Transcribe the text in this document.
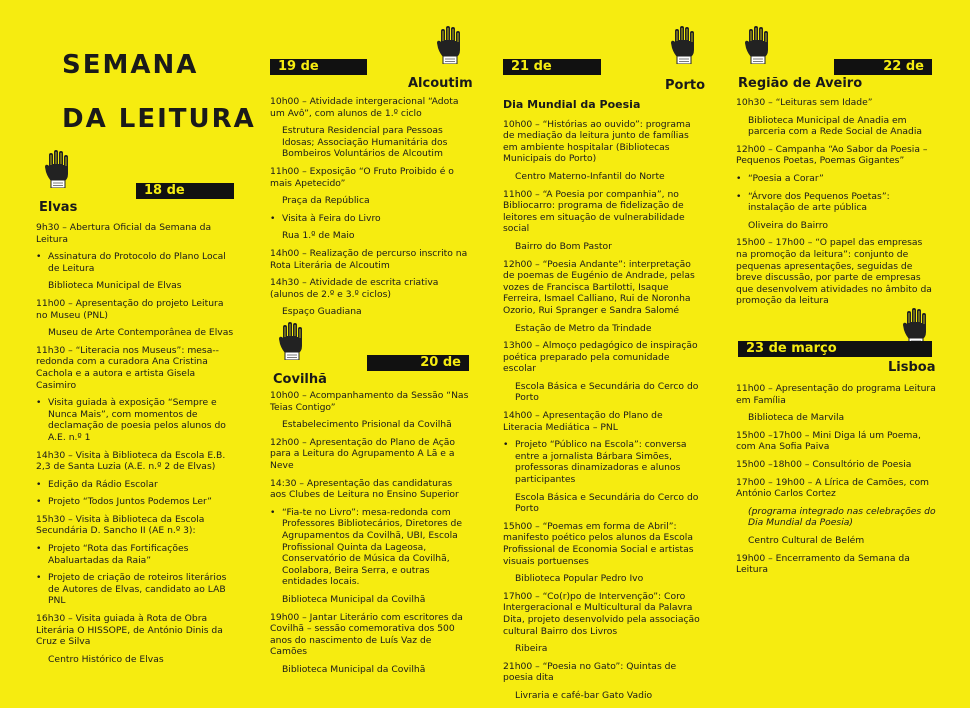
SEMANA
DA LEITURA
18 de março
Elvas
9h30 – Abertura Oficial da Semana da Leitura
• Assinatura do Protocolo do Plano Local de Leitura
Biblioteca Municipal de Elvas
11h00 – Apresentação do projeto Leitura no Museu (PNL)
Museu de Arte Contemporânea de Elvas
11h30 – “Literacia nos Museus”: mesa--redonda com a curadora Ana Cristina Cachola e a autora e artista Gisela Casimiro
• Visita guiada à exposição “Sempre e Nunca Mais”, com momentos de declamação de poesia pelos alunos do A.E. n.º 1
14h30 – Visita à Biblioteca da Escola E.B. 2,3 de Santa Luzia (A.E. n.º 2 de Elvas)
• Edição da Rádio Escolar
• Projeto “Todos Juntos Podemos Ler”
15h30 – Visita à Biblioteca da Escola Secundária D. Sancho II (AE n.º 3):
• Projeto “Rota das Fortificações Abaluartadas da Raia”
• Projeto de criação de roteiros literários de Autores de Elvas, candidato ao LAB PNL
16h30 – Visita guiada à Rota de Obra Literária O HISSOPE, de António Dinis da Cruz e Silva
Centro Histórico de Elvas
19 de março	Alcoutim
10h00 – Atividade intergeracional “Adota um Avô”, com alunos de 1.º ciclo
Estrutura Residencial para Pessoas Idosas; Associação Humanitária dos Bombeiros Voluntários de Alcoutim
11h00 – Exposição “O Fruto Proibido é o mais Apetecido”
Praça da República
• Visita à Feira do Livro
Rua 1.º de Maio
14h00 – Realização de percurso inscrito na Rota Literária de Alcoutim
14h30 – Atividade de escrita criativa (alunos de 2.º e 3.º ciclos)
Espaço Guadiana
20 de março
Covilhã
10h00 – Acompanhamento da Sessão “Nas Teias Contigo”
Estabelecimento Prisional da Covilhã
12h00 – Apresentação do Plano de Ação para a Leitura do Agrupamento A Lã e a Neve
14:30 – Apresentação das candidaturas aos Clubes de Leitura no Ensino Superior
• “Fia-te no Livro”: mesa-redonda com Professores Bibliotecários, Diretores de Agrupamentos da Covilhã, UBI, Escola Profissional Quinta da Lageosa, Conservatório de Música da Covilhã, Coolabora, Beira Serra, e outras entidades locais.
Biblioteca Municipal da Covilhã
19h00 – Jantar Literário com escritores da Covilhã – sessão comemorativa dos 500 anos do nascimento de Luís Vaz de Camões
Biblioteca Municipal da Covilhã
21 de março	Porto
Dia Mundial da Poesia
10h00 – “Histórias ao ouvido”: programa de mediação da leitura junto de famílias em ambiente hospitalar (Bibliotecas Municipais do Porto)
Centro Materno-Infantil do Norte
11h00 – “A Poesia por companhia”, no Bibliocarro: programa de fidelização de leitores em situação de vulnerabilidade social
Bairro do Bom Pastor
12h00 – “Poesia Andante”: interpretação de poemas de Eugénio de Andrade, pelas vozes de Francisca Bartilotti, Isaque Ferreira, Ismael Calliano, Rui de Noronha Ozorio, Rui Spranger e Sandra Salomé
Estação de Metro da Trindade
13h00 – Almoço pedagógico de inspiração poética preparado pela comunidade escolar
Escola Básica e Secundária do Cerco do Porto
14h00 – Apresentação do Plano de Literacia Mediática – PNL
• Projeto “Público na Escola”: conversa entre a jornalista Bárbara Simões, professoras dinamizadoras e alunos participantes
Escola Básica e Secundária do Cerco do Porto
15h00 – “Poemas em forma de Abril”: manifesto poético pelos alunos da Escola Profissional de Economia Social e artistas visuais portuenses
Biblioteca Popular Pedro Ivo
17h00 – “Co(r)po de Intervenção”: Coro Intergeracional e Multicultural da Palavra Dita, projeto desenvolvido pela associação cultural Bairro dos Livros
Ribeira
21h00 – “Poesia no Gato”: Quintas de poesia dita
Livraria e café-bar Gato Vadio
22 de março
Região de Aveiro
10h30 – “Leituras sem Idade”
Biblioteca Municipal de Anadia em parceria com a Rede Social de Anadia
12h00 – Campanha “Ao Sabor da Poesia – Pequenos Poetas, Poemas Gigantes”
• “Poesia a Corar”
• “Árvore dos Pequenos Poetas”: instalação de arte pública
Oliveira do Bairro
15h00 – 17h00 – “O papel das empresas na promoção da leitura”: conjunto de pequenas apresentações, seguidas de breve discussão, por parte de empresas que desenvolvem atividades no âmbito da promoção da leitura
23 de março
Lisboa
11h00 – Apresentação do programa Leitura em Família
Biblioteca de Marvila
15h00 –17h00 – Mini Diga lá um Poema, com Ana Sofia Paiva
15h00 –18h00 – Consultório de Poesia
17h00 – 19h00 – A Lírica de Camões, com António Carlos Cortez
(programa integrado nas celebrações do Dia Mundial da Poesia)
Centro Cultural de Belém
19h00 – Encerramento da Semana da Leitura
